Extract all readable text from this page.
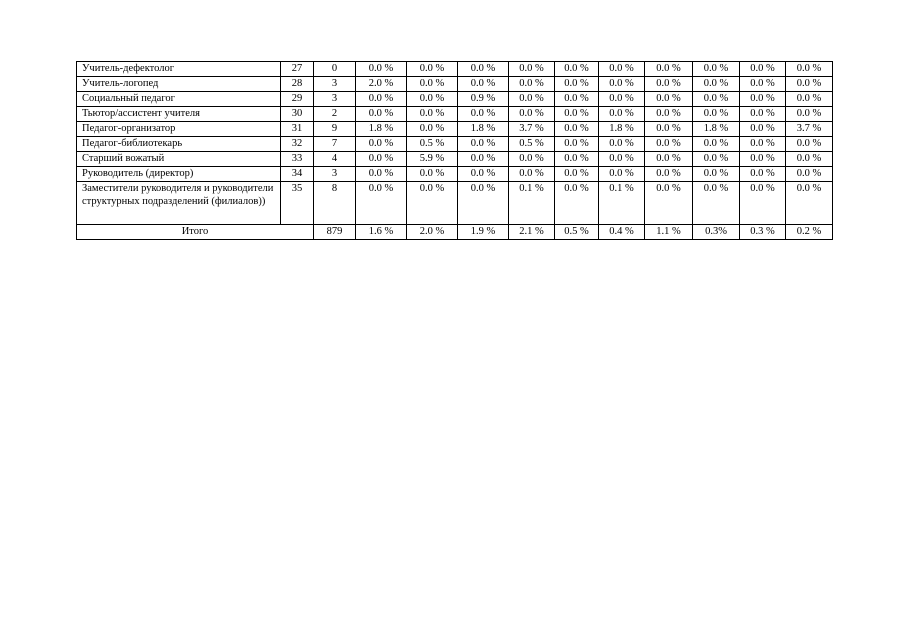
Учитель-дефектолог	27	0	0.0 %	0.0 %	0.0 %	0.0 %	0.0 %	0.0 %	0.0 %	0.0 %	0.0 %	0.0 %
Учитель-логопед	28	3	2.0 %	0.0 %	0.0 %	0.0 %	0.0 %	0.0 %	0.0 %	0.0 %	0.0 %	0.0 %
Социальный педагог	29	3	0.0 %	0.0 %	0.9 %	0.0 %	0.0 %	0.0 %	0.0 %	0.0 %	0.0 %	0.0 %
Тьютор/ассистент учителя	30	2	0.0 %	0.0 %	0.0 %	0.0 %	0.0 %	0.0 %	0.0 %	0.0 %	0.0 %	0.0 %
Педагог-организатор	31	9	1.8 %	0.0 %	1.8 %	3.7 %	0.0 %	1.8 %	0.0 %	1.8 %	0.0 %	3.7 %
Педагог-библиотекарь	32	7	0.0 %	0.5 %	0.0 %	0.5 %	0.0 %	0.0 %	0.0 %	0.0 %	0.0 %	0.0 %
Старший вожатый	33	4	0.0 %	5.9 %	0.0 %	0.0 %	0.0 %	0.0 %	0.0 %	0.0 %	0.0 %	0.0 %
Руководитель (директор)	34	3	0.0 %	0.0 %	0.0 %	0.0 %	0.0 %	0.0 %	0.0 %	0.0 %	0.0 %	0.0 %
Заместители руководителя и руководители структурных подразделений (филиалов))	35	8	0.0 %	0.0 %	0.0 %	0.1 %	0.0 %	0.1 %	0.0 %	0.0 %	0.0 %	0.0 %
Итого		879	1.6 %	2.0 %	1.9 %	2.1 %	0.5 %	0.4 %	1.1 %	0.3%	0.3 %	0.2 %
